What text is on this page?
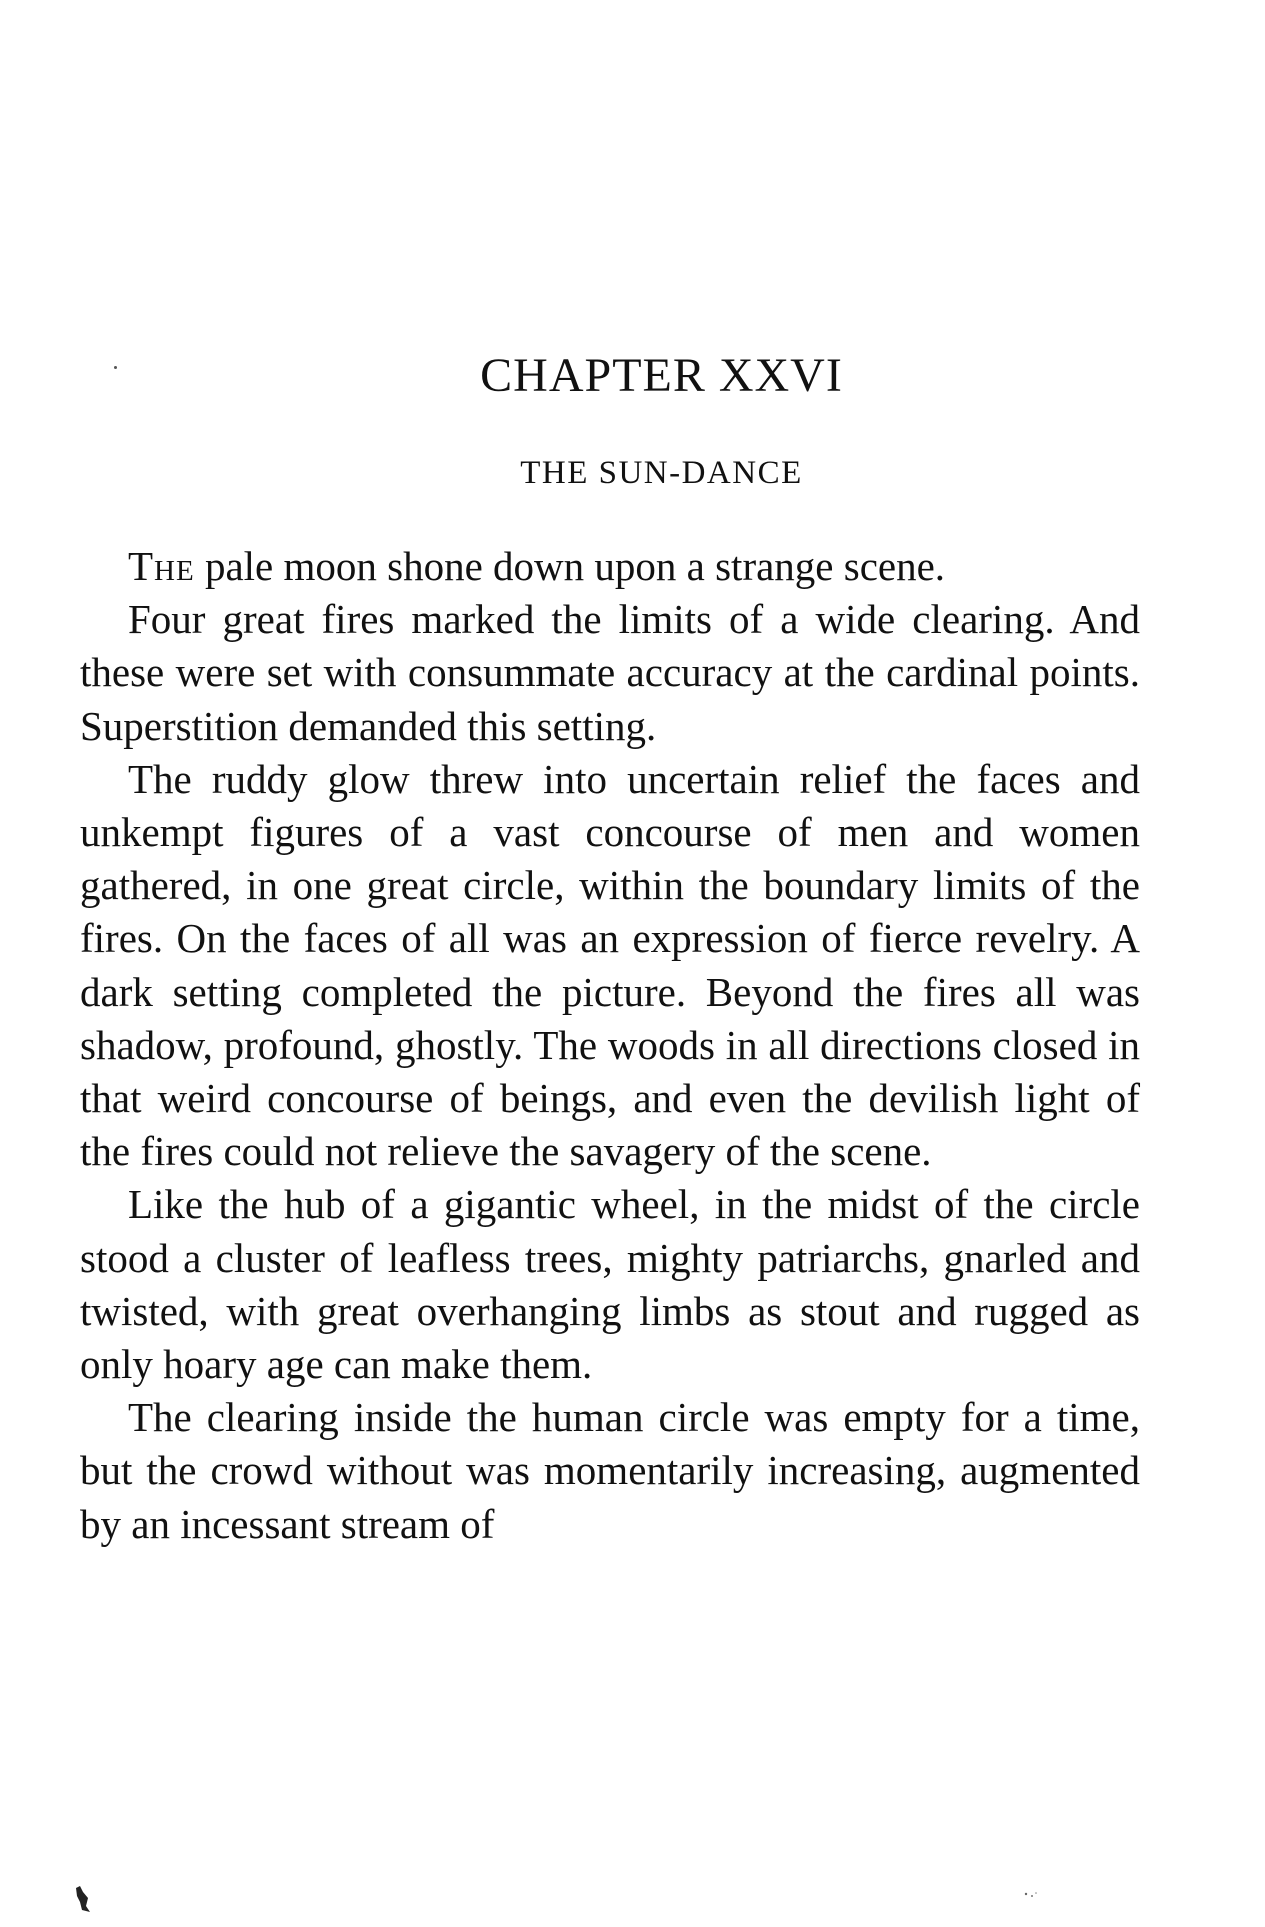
CHAPTER XXVI
THE SUN-DANCE

The pale moon shone down upon a strange scene.

Four great fires marked the limits of a wide clearing. And these were set with consummate accuracy at the cardinal points. Superstition demanded this setting.

The ruddy glow threw into uncertain relief the faces and unkempt figures of a vast concourse of men and women gathered, in one great circle, within the boundary limits of the fires. On the faces of all was an expression of fierce revelry. A dark setting completed the picture. Beyond the fires all was shadow, profound, ghostly. The woods in all directions closed in that weird concourse of beings, and even the devilish light of the fires could not relieve the savagery of the scene.

Like the hub of a gigantic wheel, in the midst of the circle stood a cluster of leafless trees, mighty patriarchs, gnarled and twisted, with great overhanging limbs as stout and rugged as only hoary age can make them.

The clearing inside the human circle was empty for a time, but the crowd without was momentarily increasing, augmented by an incessant stream of
